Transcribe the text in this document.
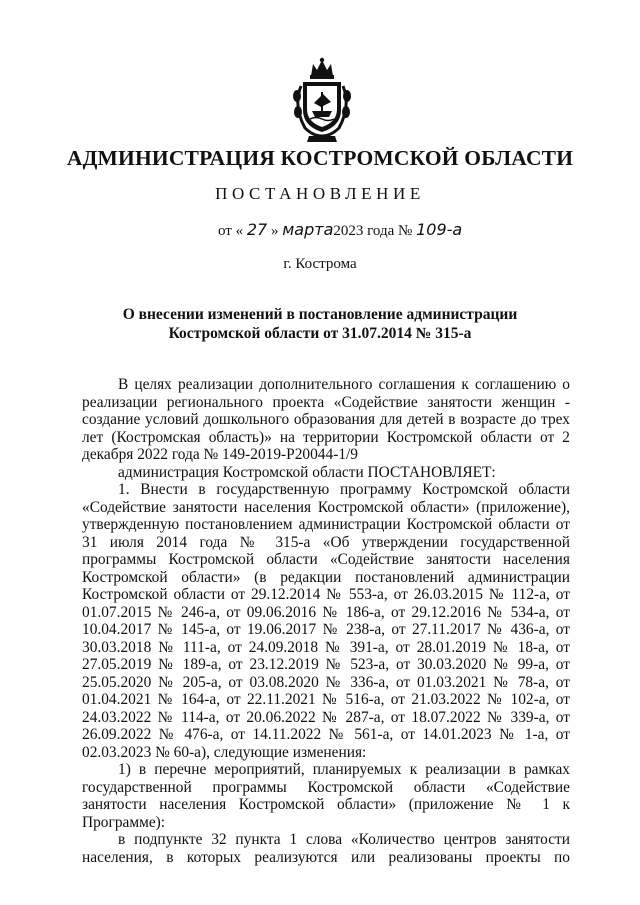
АДМИНИСТРАЦИЯ КОСТРОМСКОЙ ОБЛАСТИ
ПОСТАНОВЛЕНИЕ
от « 27 » марта2023 года № 109-а
г. Кострома
О внесении изменений в постановление администрации
Костромской области от 31.07.2014 № 315-а

В целях реализации дополнительного соглашения к соглашению о реализации регионального проекта «Содействие занятости женщин - создание условий дошкольного образования для детей в возрасте до трех лет (Костромская область)» на территории Костромской области от 2 декабря 2022 года № 149-2019-Р20044-1/9

администрация Костромской области ПОСТАНОВЛЯЕТ:

1. Внести в государственную программу Костромской области «Содействие занятости населения Костромской области» (приложение), утвержденную постановлением администрации Костромской области от 31 июля 2014 года № 315-а «Об утверждении государственной программы Костромской области «Содействие занятости населения Костромской области» (в редакции постановлений администрации Костромской области от 29.12.2014 № 553-а, от 26.03.2015 № 112-а, от 01.07.2015 № 246-а, от 09.06.2016 № 186-а, от 29.12.2016 № 534-а, от 10.04.2017 № 145-а, от 19.06.2017 № 238-а, от 27.11.2017 № 436-а, от 30.03.2018 № 111-а, от 24.09.2018 № 391-а, от 28.01.2019 № 18-а, от 27.05.2019 № 189-а, от 23.12.2019 № 523-а, от 30.03.2020 № 99-а, от 25.05.2020 № 205-а, от 03.08.2020 № 336-а, от 01.03.2021 № 78-а, от 01.04.2021 № 164-а, от 22.11.2021 № 516-а, от 21.03.2022 № 102-а, от 24.03.2022 № 114-а, от 20.06.2022 № 287-а, от 18.07.2022 № 339-а, от 26.09.2022 № 476-а, от 14.11.2022 № 561-а, от 14.01.2023 № 1-а, от 02.03.2023 № 60-а), следующие изменения:

1) в перечне мероприятий, планируемых к реализации в рамках государственной программы Костромской области «Содействие занятости населения Костромской области» (приложение № 1 к Программе):

в подпункте 32 пункта 1 слова «Количество центров занятости населения, в которых реализуются или реализованы проекты по
